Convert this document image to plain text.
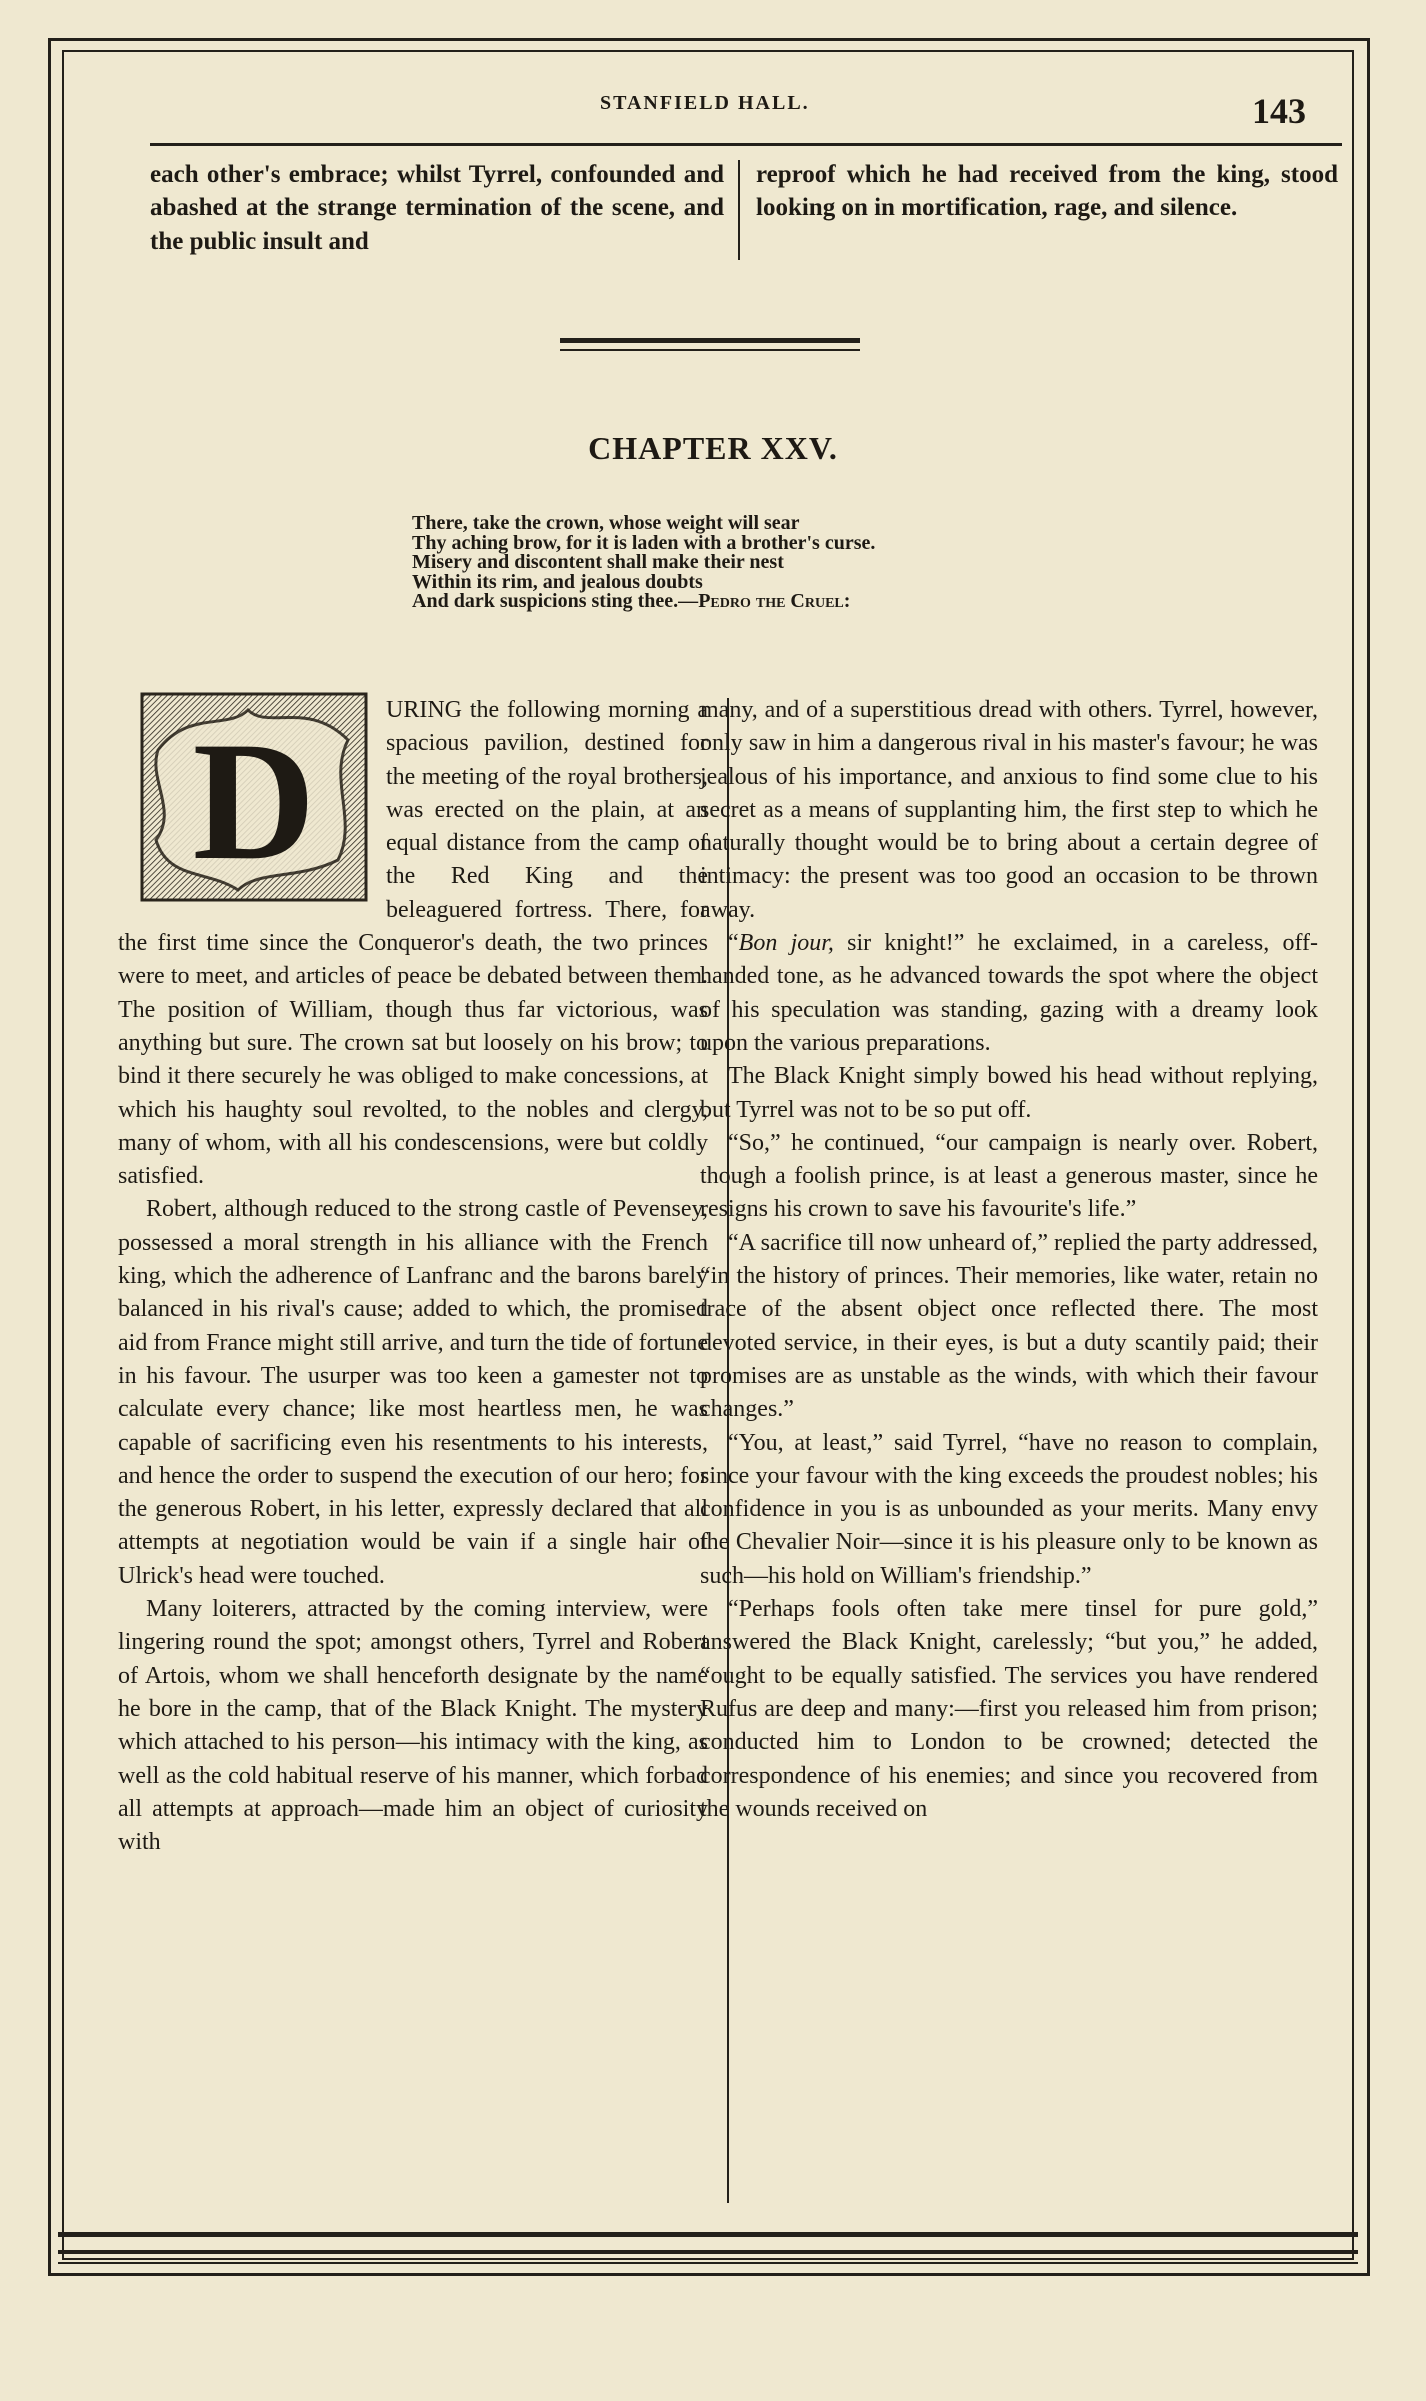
STANFIELD HALL.	143

each other's embrace; whilst Tyrrel, confounded and abashed at the strange termination of the scene, and the public insult and

reproof which he had received from the king, stood looking on in mortification, rage, and silence.

CHAPTER XXV.
There, take the crown, whose weight will sear
Thy aching brow, for it is laden with a brother's curse.
Misery and discontent shall make their nest
Within its rim, and jealous doubts
And dark suspicions sting thee.—Pedro the Cruel:
D	URING the following morning a spacious pavilion, destined for the meeting of the royal brothers, was erected on the plain, at an equal distance from the camp of the Red King and the beleaguered fortress. There, for the first time since the Conqueror's death, the two princes were to meet, and articles of peace be debated between them. The position of William, though thus far victorious, was anything but sure. The crown sat but loosely on his brow; to bind it there securely he was obliged to make concessions, at which his haughty soul revolted, to the nobles and clergy, many of whom, with all his condescensions, were but coldly satisfied.

Robert, although reduced to the strong castle of Pevensey, possessed a moral strength in his alliance with the French king, which the adherence of Lanfranc and the barons barely balanced in his rival's cause; added to which, the promised aid from France might still arrive, and turn the tide of fortune in his favour. The usurper was too keen a gamester not to calculate every chance; like most heartless men, he was capable of sacrificing even his resentments to his interests, and hence the order to suspend the execution of our hero; for the generous Robert, in his letter, expressly declared that all attempts at negotiation would be vain if a single hair of Ulrick's head were touched.

Many loiterers, attracted by the coming interview, were lingering round the spot; amongst others, Tyrrel and Robert of Artois, whom we shall henceforth designate by the name he bore in the camp, that of the Black Knight. The mystery which attached to his person—his intimacy with the king, as well as the cold habitual reserve of his manner, which forbad all attempts at approach—made him an object of curiosity with

many, and of a superstitious dread with others. Tyrrel, however, only saw in him a dangerous rival in his master's favour; he was jealous of his importance, and anxious to find some clue to his secret as a means of supplanting him, the first step to which he naturally thought would be to bring about a certain degree of intimacy: the present was too good an occasion to be thrown away.

“Bon jour, sir knight!” he exclaimed, in a careless, off-handed tone, as he advanced towards the spot where the object of his speculation was standing, gazing with a dreamy look upon the various preparations.

The Black Knight simply bowed his head without replying, but Tyrrel was not to be so put off.

“So,” he continued, “our campaign is nearly over. Robert, though a foolish prince, is at least a generous master, since he resigns his crown to save his favourite's life.”

“A sacrifice till now unheard of,” replied the party addressed, “in the history of princes. Their memories, like water, retain no trace of the absent object once reflected there. The most devoted service, in their eyes, is but a duty scantily paid; their promises are as unstable as the winds, with which their favour changes.”

“You, at least,” said Tyrrel, “have no reason to complain, since your favour with the king exceeds the proudest nobles; his confidence in you is as unbounded as your merits. Many envy the Chevalier Noir—since it is his pleasure only to be known as such—his hold on William's friendship.”

“Perhaps fools often take mere tinsel for pure gold,” answered the Black Knight, carelessly; “but you,” he added, “ought to be equally satisfied. The services you have rendered Rufus are deep and many:—first you released him from prison; conducted him to London to be crowned; detected the correspondence of his enemies; and since you recovered from the wounds received on
